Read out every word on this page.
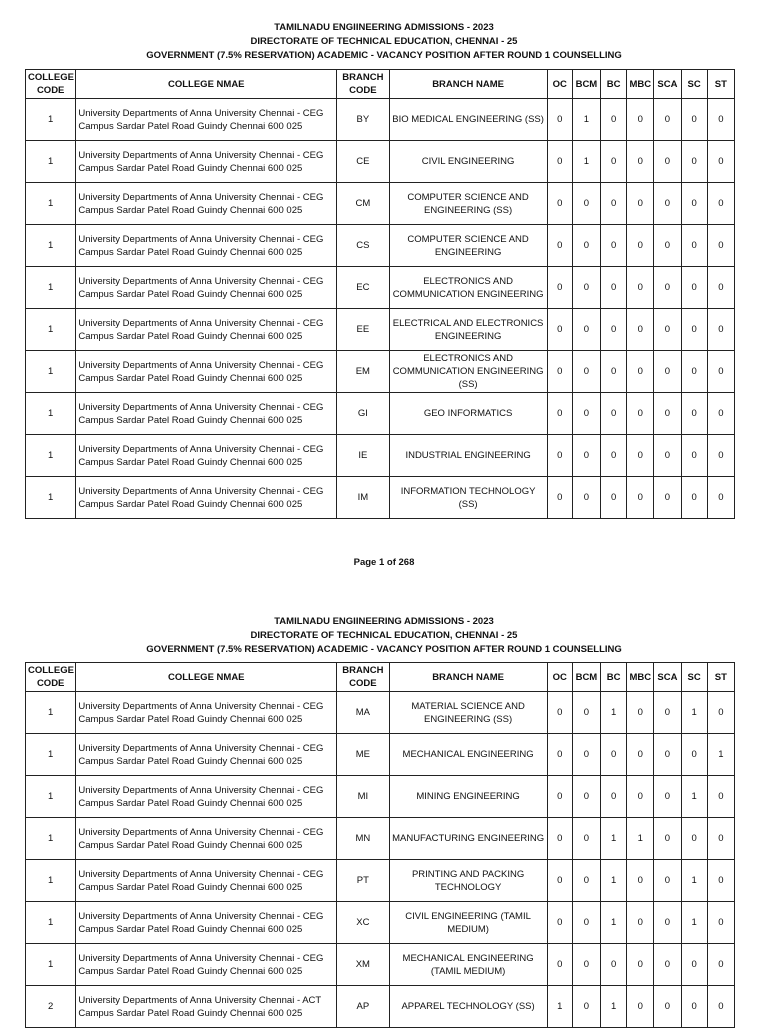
TAMILNADU ENGIINEERING ADMISSIONS - 2023
DIRECTORATE OF TECHNICAL EDUCATION, CHENNAI - 25
GOVERNMENT (7.5% RESERVATION) ACADEMIC - VACANCY POSITION AFTER ROUND 1 COUNSELLING
COLLEGE CODE	COLLEGE NMAE	BRANCH CODE	BRANCH NAME	OC	BCM	BC	MBC	SCA	SC	ST
1	University Departments of Anna University Chennai - CEG Campus Sardar Patel Road Guindy Chennai 600 025	BY	BIO MEDICAL ENGINEERING (SS)	0	1	0	0	0	0	0
1	University Departments of Anna University Chennai - CEG Campus Sardar Patel Road Guindy Chennai 600 025	CE	CIVIL ENGINEERING	0	1	0	0	0	0	0
1	University Departments of Anna University Chennai - CEG Campus Sardar Patel Road Guindy Chennai 600 025	CM	COMPUTER SCIENCE AND ENGINEERING (SS)	0	0	0	0	0	0	0
1	University Departments of Anna University Chennai - CEG Campus Sardar Patel Road Guindy Chennai 600 025	CS	COMPUTER SCIENCE AND ENGINEERING	0	0	0	0	0	0	0
1	University Departments of Anna University Chennai - CEG Campus Sardar Patel Road Guindy Chennai 600 025	EC	ELECTRONICS AND COMMUNICATION ENGINEERING	0	0	0	0	0	0	0
1	University Departments of Anna University Chennai - CEG Campus Sardar Patel Road Guindy Chennai 600 025	EE	ELECTRICAL AND ELECTRONICS ENGINEERING	0	0	0	0	0	0	0
1	University Departments of Anna University Chennai - CEG Campus Sardar Patel Road Guindy Chennai 600 025	EM	ELECTRONICS AND COMMUNICATION ENGINEERING (SS)	0	0	0	0	0	0	0
1	University Departments of Anna University Chennai - CEG Campus Sardar Patel Road Guindy Chennai 600 025	GI	GEO INFORMATICS	0	0	0	0	0	0	0
1	University Departments of Anna University Chennai - CEG Campus Sardar Patel Road Guindy Chennai 600 025	IE	INDUSTRIAL ENGINEERING	0	0	0	0	0	0	0
1	University Departments of Anna University Chennai - CEG Campus Sardar Patel Road Guindy Chennai 600 025	IM	INFORMATION TECHNOLOGY (SS)	0	0	0	0	0	0	0
Page 1 of 268
TAMILNADU ENGIINEERING ADMISSIONS - 2023
DIRECTORATE OF TECHNICAL EDUCATION, CHENNAI - 25
GOVERNMENT (7.5% RESERVATION) ACADEMIC - VACANCY POSITION AFTER ROUND 1 COUNSELLING
COLLEGE CODE	COLLEGE NMAE	BRANCH CODE	BRANCH NAME	OC	BCM	BC	MBC	SCA	SC	ST
1	University Departments of Anna University Chennai - CEG Campus Sardar Patel Road Guindy Chennai 600 025	MA	MATERIAL SCIENCE AND ENGINEERING (SS)	0	0	1	0	0	1	0
1	University Departments of Anna University Chennai - CEG Campus Sardar Patel Road Guindy Chennai 600 025	ME	MECHANICAL ENGINEERING	0	0	0	0	0	0	1
1	University Departments of Anna University Chennai - CEG Campus Sardar Patel Road Guindy Chennai 600 025	MI	MINING ENGINEERING	0	0	0	0	0	1	0
1	University Departments of Anna University Chennai - CEG Campus Sardar Patel Road Guindy Chennai 600 025	MN	MANUFACTURING ENGINEERING	0	0	1	1	0	0	0
1	University Departments of Anna University Chennai - CEG Campus Sardar Patel Road Guindy Chennai 600 025	PT	PRINTING AND PACKING TECHNOLOGY	0	0	1	0	0	1	0
1	University Departments of Anna University Chennai - CEG Campus Sardar Patel Road Guindy Chennai 600 025	XC	CIVIL ENGINEERING (TAMIL MEDIUM)	0	0	1	0	0	1	0
1	University Departments of Anna University Chennai - CEG Campus Sardar Patel Road Guindy Chennai 600 025	XM	MECHANICAL ENGINEERING (TAMIL MEDIUM)	0	0	0	0	0	0	0
2	University Departments of Anna University Chennai - ACT Campus Sardar Patel Road Guindy Chennai 600 025	AP	APPAREL TECHNOLOGY (SS)	1	0	1	0	0	0	0
